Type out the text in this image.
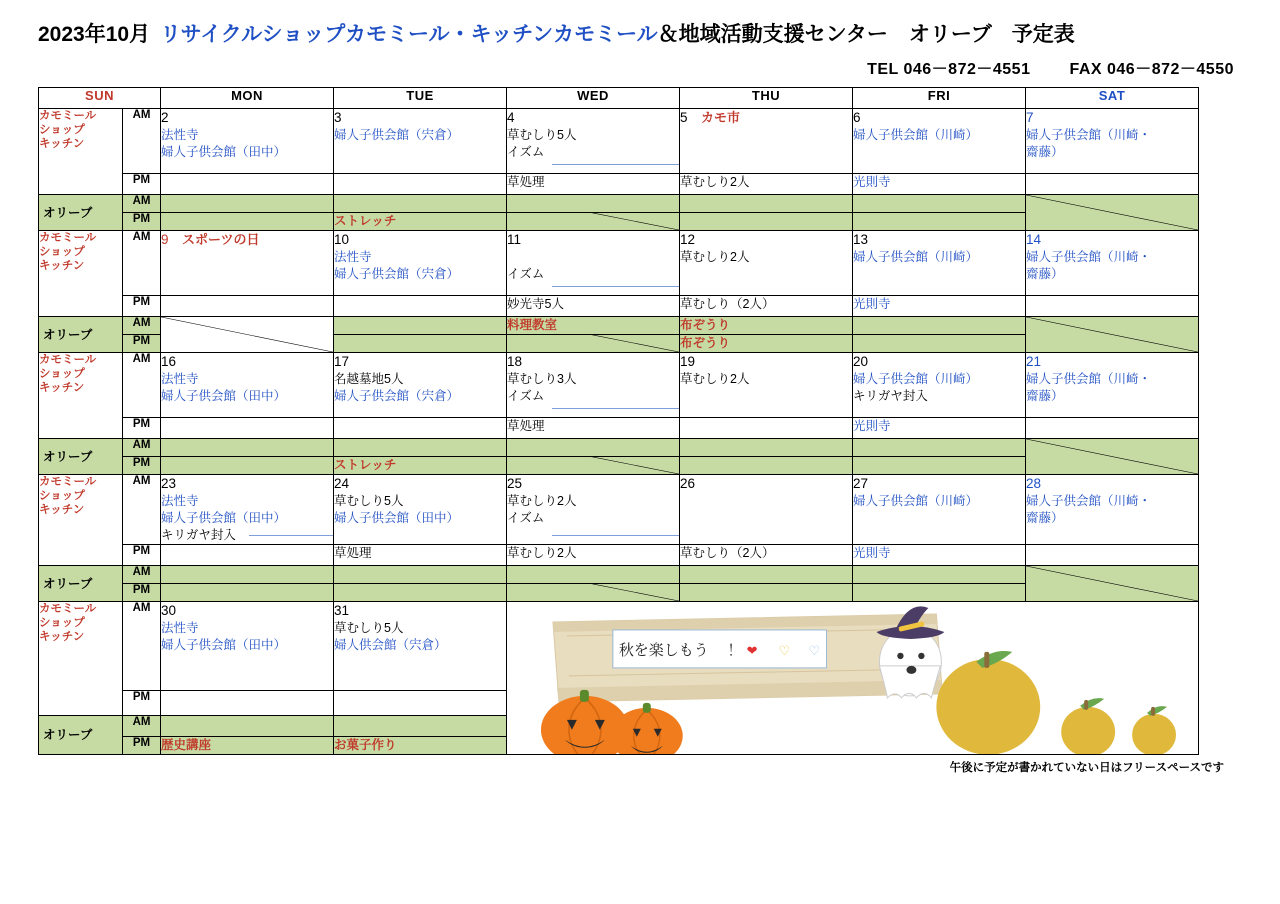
2023年10月 リサイクルショップカモミール・キッチンカモミール ＆ 地域活動支援センター　オリーブ 予定表
TEL 046－872－4551 FAX 046－872－4550
SUN		MON	TUE	WED	THU	FRI	SAT

カモミール
ショップ
キッチン
	AM	2
法性寺
婦人子供会館（田中）
	3
婦人子供会館（宍倉）
	4
草むしり5人
イズム
	5 カモ市	6
婦人子供会館（川崎）
	7
婦人子供会館（川崎・
齋藤）

	PM			草処理	草むしり2人	光則寺	

オリーブ	AM						

	PM		ストレッチ	

カモミール
ショップ
キッチン
	AM	9 スポーツの日	10
法性寺
婦人子供会館（宍倉）
	11

イズム
	12
草むしり2人
	13
婦人子供会館（川崎）
	14
婦人子供会館（川崎・
齋藤）

	PM			妙光寺5人	草むしり（2人）	光則寺	

オリーブ	AM			料理教室	布ぞうり		

	PM				布ぞうり		

カモミール
ショップ
キッチン
	AM	16
法性寺
婦人子供会館（田中）
	17
名越墓地5人
婦人子供会館（宍倉）
	18
草むしり3人
イズム
	19
草むしり2人
	20
婦人子供会館（川崎）
キリガヤ封入
	21
婦人子供会館（川崎・
齋藤）

	PM			草処理		光則寺	

オリーブ	AM						

	PM		ストレッチ	

カモミール
ショップ
キッチン
	AM	23
法性寺
婦人子供会館（田中）
キリガヤ封入
	24
草むしり5人
婦人子供会館（田中）
	25
草むしり2人
イズム
	26	27
婦人子供会館（川崎）
	28
婦人子供会館（川崎・
齋藤）

	PM		草処理	草むしり2人	草むしり（2人）	光則寺	

オリーブ	AM						

	PM			

カモミール
ショップ
キッチン
	AM	30
法性寺
婦人子供会館（田中）
	31
草むしり5人
婦人供会館（宍倉）	秋を楽しもう　！ ❤ ♡ ♡

	PM					

オリーブ	AM						
	PM	歴史講座	お菓子作り				
午後に予定が書かれていない日はフリースペースです
